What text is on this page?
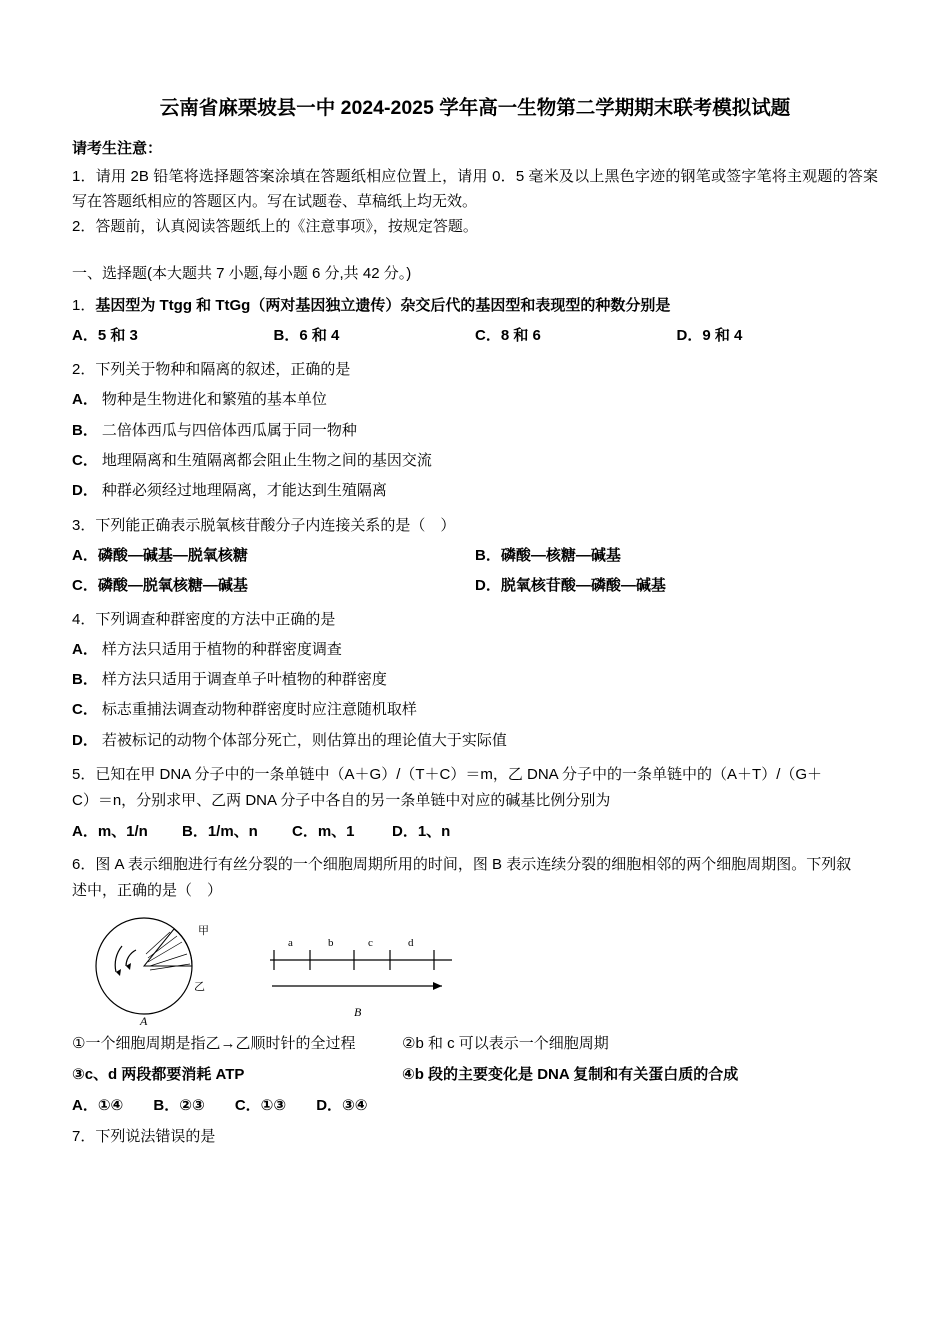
云南省麻栗坡县一中 2024-2025 学年高一生物第二学期期末联考模拟试题

请考生注意：

1．请用 2B 铅笔将选择题答案涂填在答题纸相应位置上，请用 0．5 毫米及以上黑色字迹的钢笔或签字笔将主观题的答案写在答题纸相应的答题区内。写在试题卷、草稿纸上均无效。

2．答题前，认真阅读答题纸上的《注意事项》，按规定答题。

一、选择题(本大题共 7 小题,每小题 6 分,共 42 分。)

1．基因型为 Ttgg 和 TtGg（两对基因独立遗传）杂交后代的基因型和表现型的种数分别是

A．5 和 3	B．6 和 4	C．8 和 6	D．9 和 4

2．下列关于物种和隔离的叙述，正确的是

A． 物种是生物进化和繁殖的基本单位

B． 二倍体西瓜与四倍体西瓜属于同一物种

C． 地理隔离和生殖隔离都会阻止生物之间的基因交流

D． 种群必须经过地理隔离，才能达到生殖隔离

3．下列能正确表示脱氧核苷酸分子内连接关系的是（　）

A．磷酸—碱基—脱氧核糖	B．磷酸—核糖—碱基
C．磷酸—脱氧核糖—碱基	D．脱氧核苷酸—磷酸—碱基

4．下列调查种群密度的方法中正确的是

A． 样方法只适用于植物的种群密度调查

B． 样方法只适用于调查单子叶植物的种群密度

C． 标志重捕法调查动物种群密度时应注意随机取样

D． 若被标记的动物个体部分死亡，则估算出的理论值大于实际值

5．已知在甲 DNA 分子中的一条单链中（A＋G）/（T＋C）＝m，乙 DNA 分子中的一条单链中的（A＋T）/（G＋

C）＝n，分别求甲、乙两 DNA 分子中各自的另一条单链中对应的碱基比例分别为

A．m、1/n	B．1/m、n	C．m、1	D．1、n

6．图 A 表示细胞进行有丝分裂的一个细胞周期所用的时间，图 B 表示连续分裂的细胞相邻的两个细胞周期图。下列叙

述中，正确的是（　）

甲
乙
A
a	b	c	d
B
①一个细胞周期是指乙→乙顺时针的全过程	②b 和 c 可以表示一个细胞周期
③c、d 两段都要消耗 ATP	④b 段的主要变化是 DNA 复制和有关蛋白质的合成
A．①④ B．②③ C．①③ D．③④

7．下列说法错误的是
